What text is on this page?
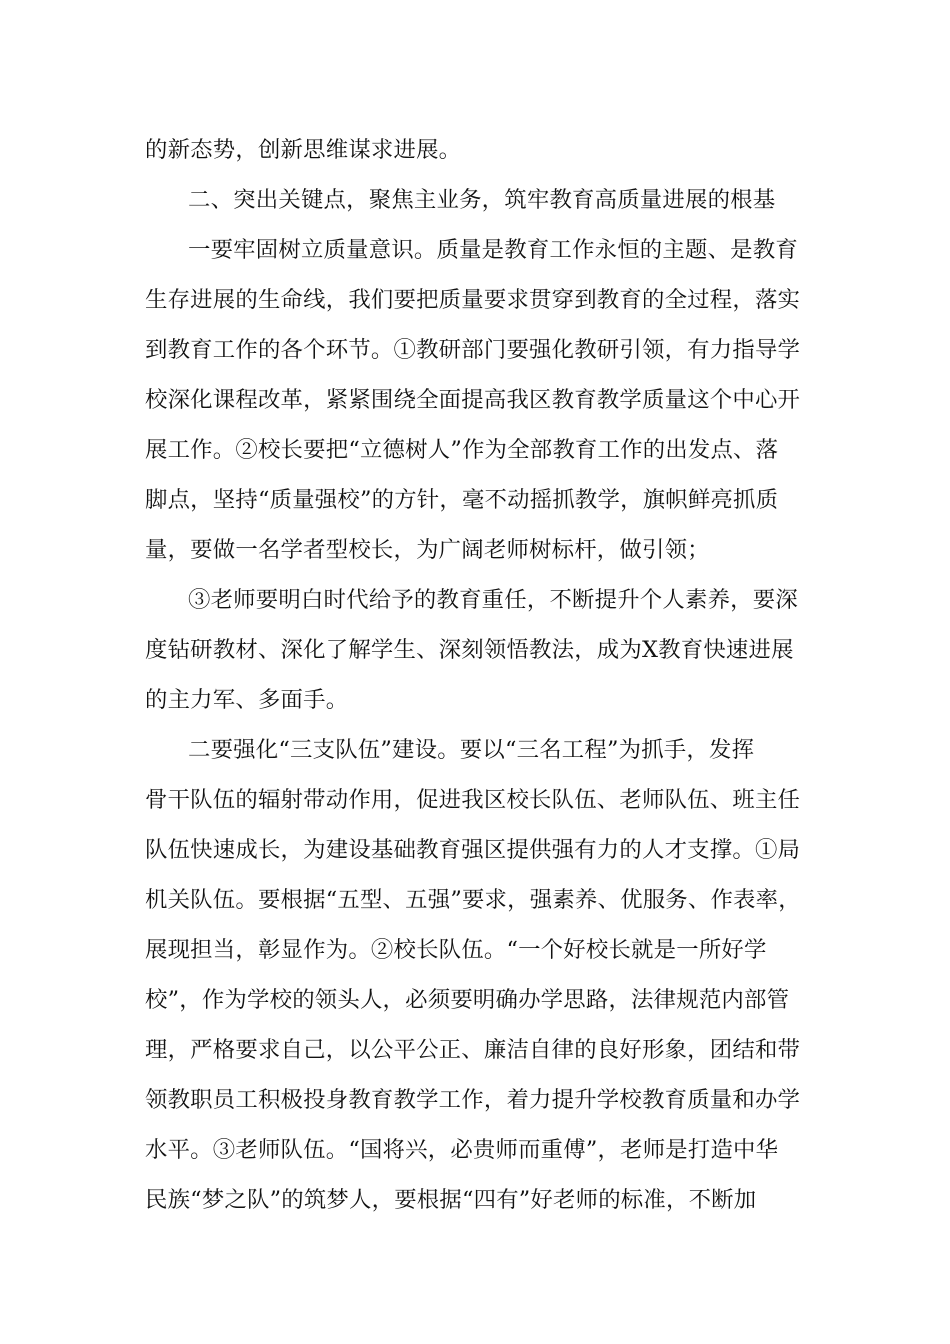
的新态势，创新思维谋求进展。
二、突出关键点，聚焦主业务，筑牢教育高质量进展的根基
一要牢固树立质量意识。质量是教育工作永恒的主题、是教育
生存进展的生命线，我们要把质量要求贯穿到教育的全过程，落实
到教育工作的各个环节。①教研部门要强化教研引领，有力指导学
校深化课程改革，紧紧围绕全面提高我区教育教学质量这个中心开
展工作。②校长要把“立德树人”作为全部教育工作的出发点、落
脚点，坚持“质量强校”的方针，毫不动摇抓教学，旗帜鲜亮抓质
量，要做一名学者型校长，为广阔老师树标杆，做引领；
③老师要明白时代给予的教育重任，不断提升个人素养，要深
度钻研教材、深化了解学生、深刻领悟教法，成为X教育快速进展
的主力军、多面手。
二要强化“三支队伍”建设。要以“三名工程”为抓手，发挥
骨干队伍的辐射带动作用，促进我区校长队伍、老师队伍、班主任
队伍快速成长，为建设基础教育强区提供强有力的人才支撑。①局
机关队伍。要根据“五型、五强”要求，强素养、优服务、作表率，
展现担当，彰显作为。②校长队伍。“一个好校长就是一所好学
校”，作为学校的领头人，必须要明确办学思路，法律规范内部管
理，严格要求自己，以公平公正、廉洁自律的良好形象，团结和带
领教职员工积极投身教育教学工作，着力提升学校教育质量和办学
水平。③老师队伍。“国将兴，必贵师而重傅”，老师是打造中华
民族“梦之队”的筑梦人，要根据“四有”好老师的标准，不断加
